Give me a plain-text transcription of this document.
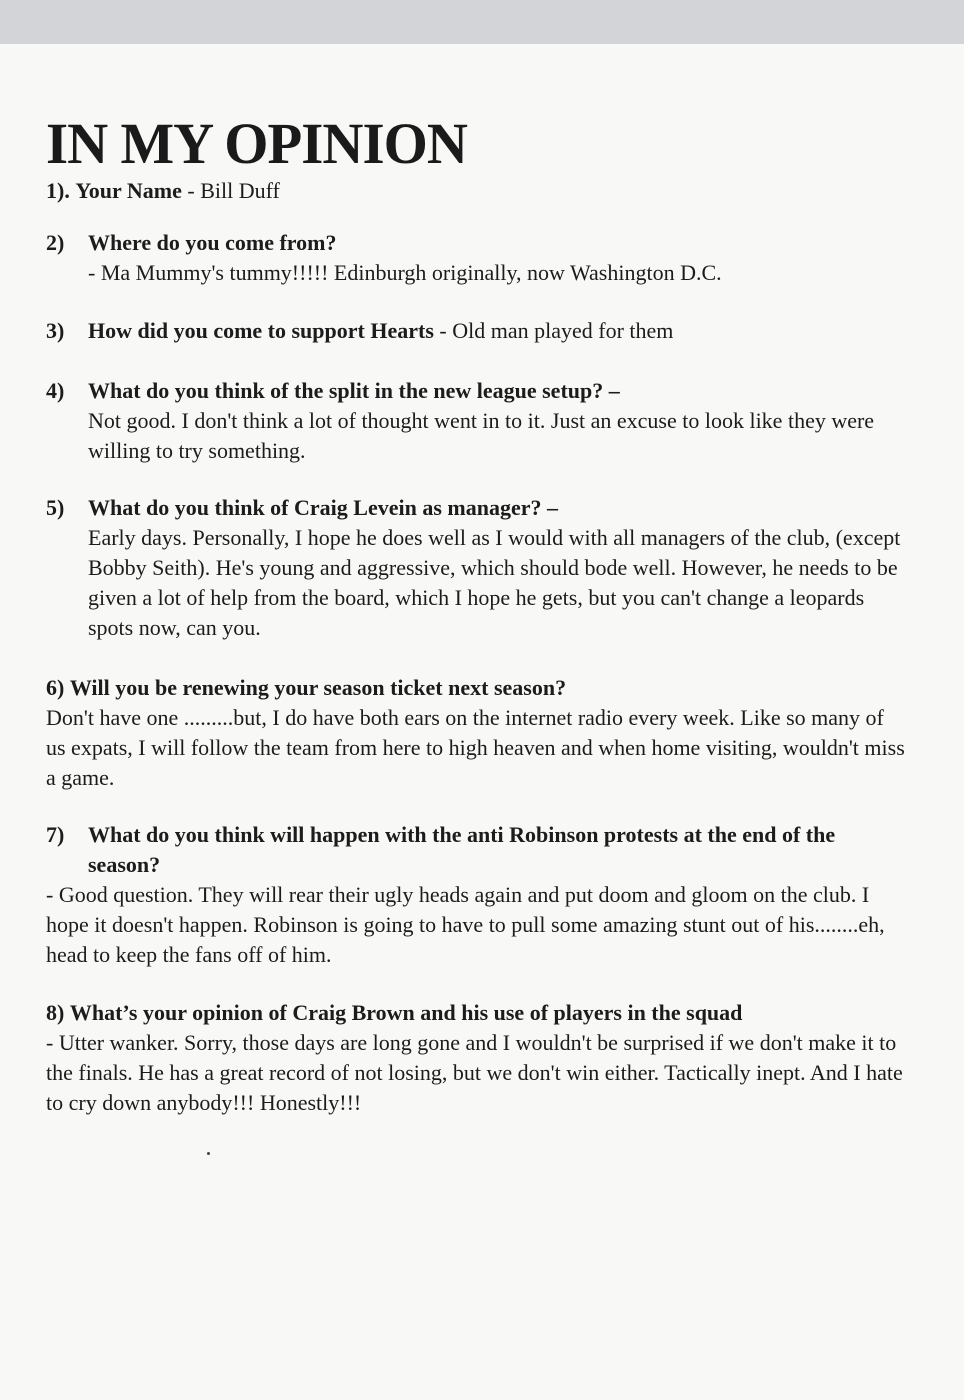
IN MY OPINION

1). Your Name - Bill Duff

2) Where do you come from?
- Ma Mummy's tummy!!!!! Edinburgh originally, now Washington D.C.
3) How did you come to support Hearts - Old man played for them
4) What do you think of the split in the new league setup? –
Not good. I don't think a lot of thought went in to it. Just an excuse to look like they were willing to try something.
5) What do you think of Craig Levein as manager? –
Early days. Personally, I hope he does well as I would with all managers of the club, (except Bobby Seith). He's young and aggressive, which should bode well. However, he needs to be given a lot of help from the board, which I hope he gets, but you can't change a leopards spots now, can you.
6) Will you be renewing your season ticket next season?
Don't have one .........but, I do have both ears on the internet radio every week. Like so many of us expats, I will follow the team from here to high heaven and when home visiting, wouldn't miss a game.
7) What do you think will happen with the anti Robinson protests at the end of the season?
- Good question. They will rear their ugly heads again and put doom and gloom on the club. I hope it doesn't happen. Robinson is going to have to pull some amazing stunt out of his........eh, head to keep the fans off of him.
8) What’s your opinion of Craig Brown and his use of players in the squad
- Utter wanker. Sorry, those days are long gone and I wouldn't be surprised if we don't make it to the finals. He has a great record of not losing, but we don't win either. Tactically inept. And I hate to cry down anybody!!! Honestly!!!
